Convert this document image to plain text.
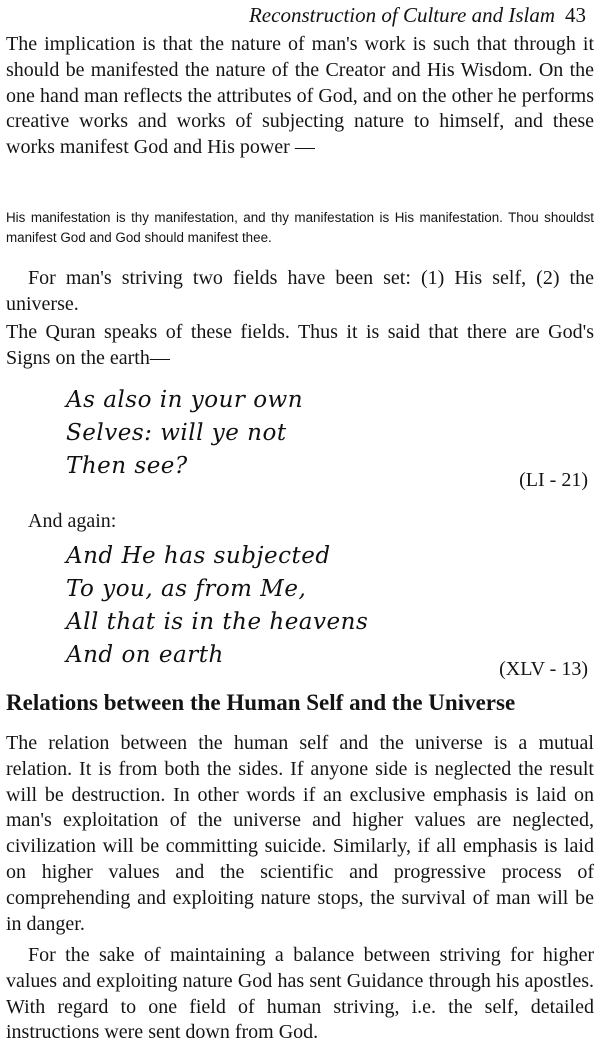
Reconstruction of Culture and Islam 43

The implication is that the nature of man's work is such that through it should be manifested the nature of the Creator and His Wisdom. On the one hand man reflects the attributes of God, and on the other he performs creative works and works of subjecting nature to himself, and these works manifest God and His power —

His manifestation is thy manifestation, and thy manifestation is His manifestation. Thou shouldst manifest God and God should manifest thee.

For man's striving two fields have been set: (1) His self, (2) the universe.

The Quran speaks of these fields. Thus it is said that there are God's Signs on the earth—

As also in your own
Selves: will ye not
Then see?
(LI - 21)

And again:

And He has subjected
To you, as from Me,
All that is in the heavens
And on earth
(XLV - 13)
Relations between the Human Self and the Universe

The relation between the human self and the universe is a mutual relation. It is from both the sides. If anyone side is neglected the result will be destruction. In other words if an exclusive emphasis is laid on man's exploitation of the universe and higher values are neglected, civilization will be committing suicide. Similarly, if all emphasis is laid on higher values and the scientific and progressive process of comprehending and exploiting nature stops, the survival of man will be in danger.

For the sake of maintaining a balance between striving for higher values and exploiting nature God has sent Guidance through his apostles. With regard to one field of human striving, i.e. the self, detailed instructions were sent down from God.
